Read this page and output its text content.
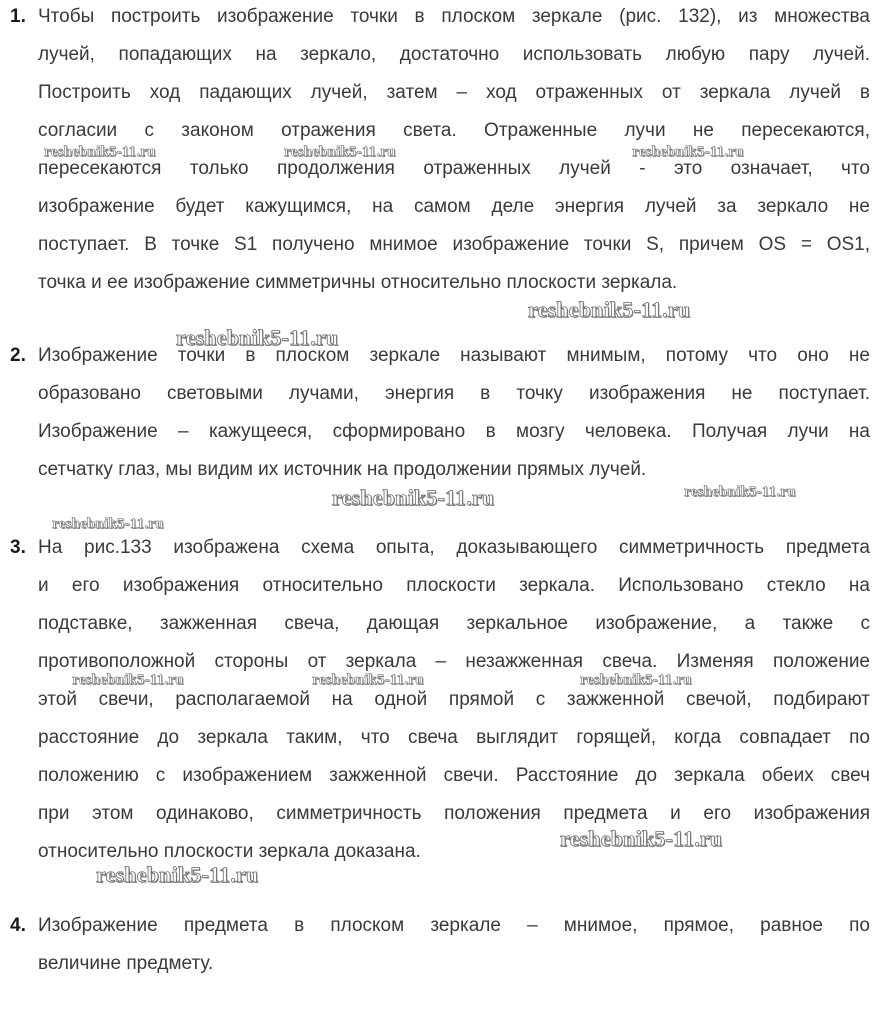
1. Чтобы построить изображение точки в плоском зеркале (рис. 132), из множества
лучей, попадающих на зеркало, достаточно использовать любую пару лучей.
Построить ход падающих лучей, затем – ход отраженных от зеркала лучей в
согласии с законом отражения света. Отраженные лучи не пересекаются,
пересекаются только продолжения отраженных лучей - это означает, что
изображение будет кажущимся, на самом деле энергия лучей за зеркало не
поступает. В точке S1 получено мнимое изображение точки S, причем OS = OS1,
точка и ее изображение симметричны относительно плоскости зеркала.

2. Изображение точки в плоском зеркале называют мнимым, потому что оно не
образовано световыми лучами, энергия в точку изображения не поступает.
Изображение – кажущееся, сформировано в мозгу человека. Получая лучи на
сетчатку глаз, мы видим их источник на продолжении прямых лучей.

3. На рис.133 изображена схема опыта, доказывающего симметричность предмета
и его изображения относительно плоскости зеркала. Использовано стекло на
подставке, зажженная свеча, дающая зеркальное изображение, а также с
противоположной стороны от зеркала – незажженная свеча. Изменяя положение
этой свечи, располагаемой на одной прямой с зажженной свечой, подбирают
расстояние до зеркала таким, что свеча выглядит горящей, когда совпадает по
положению с изображением зажженной свечи. Расстояние до зеркала обеих свеч
при этом одинаково, симметричность положения предмета и его изображения
относительно плоскости зеркала доказана.

4. Изображение предмета в плоском зеркале – мнимое, прямое, равное по
величине предмету.

reshebnik5-11.ru	reshebnik5-11.ru	reshebnik5-11.ru
reshebnik5-11.ru
reshebnik5-11.ru
reshebnik5-11.ru	reshebnik5-11.ru
reshebnik5-11.ru
reshebnik5-11.ru	reshebnik5-11.ru	reshebnik5-11.ru
reshebnik5-11.ru
reshebnik5-11.ru
